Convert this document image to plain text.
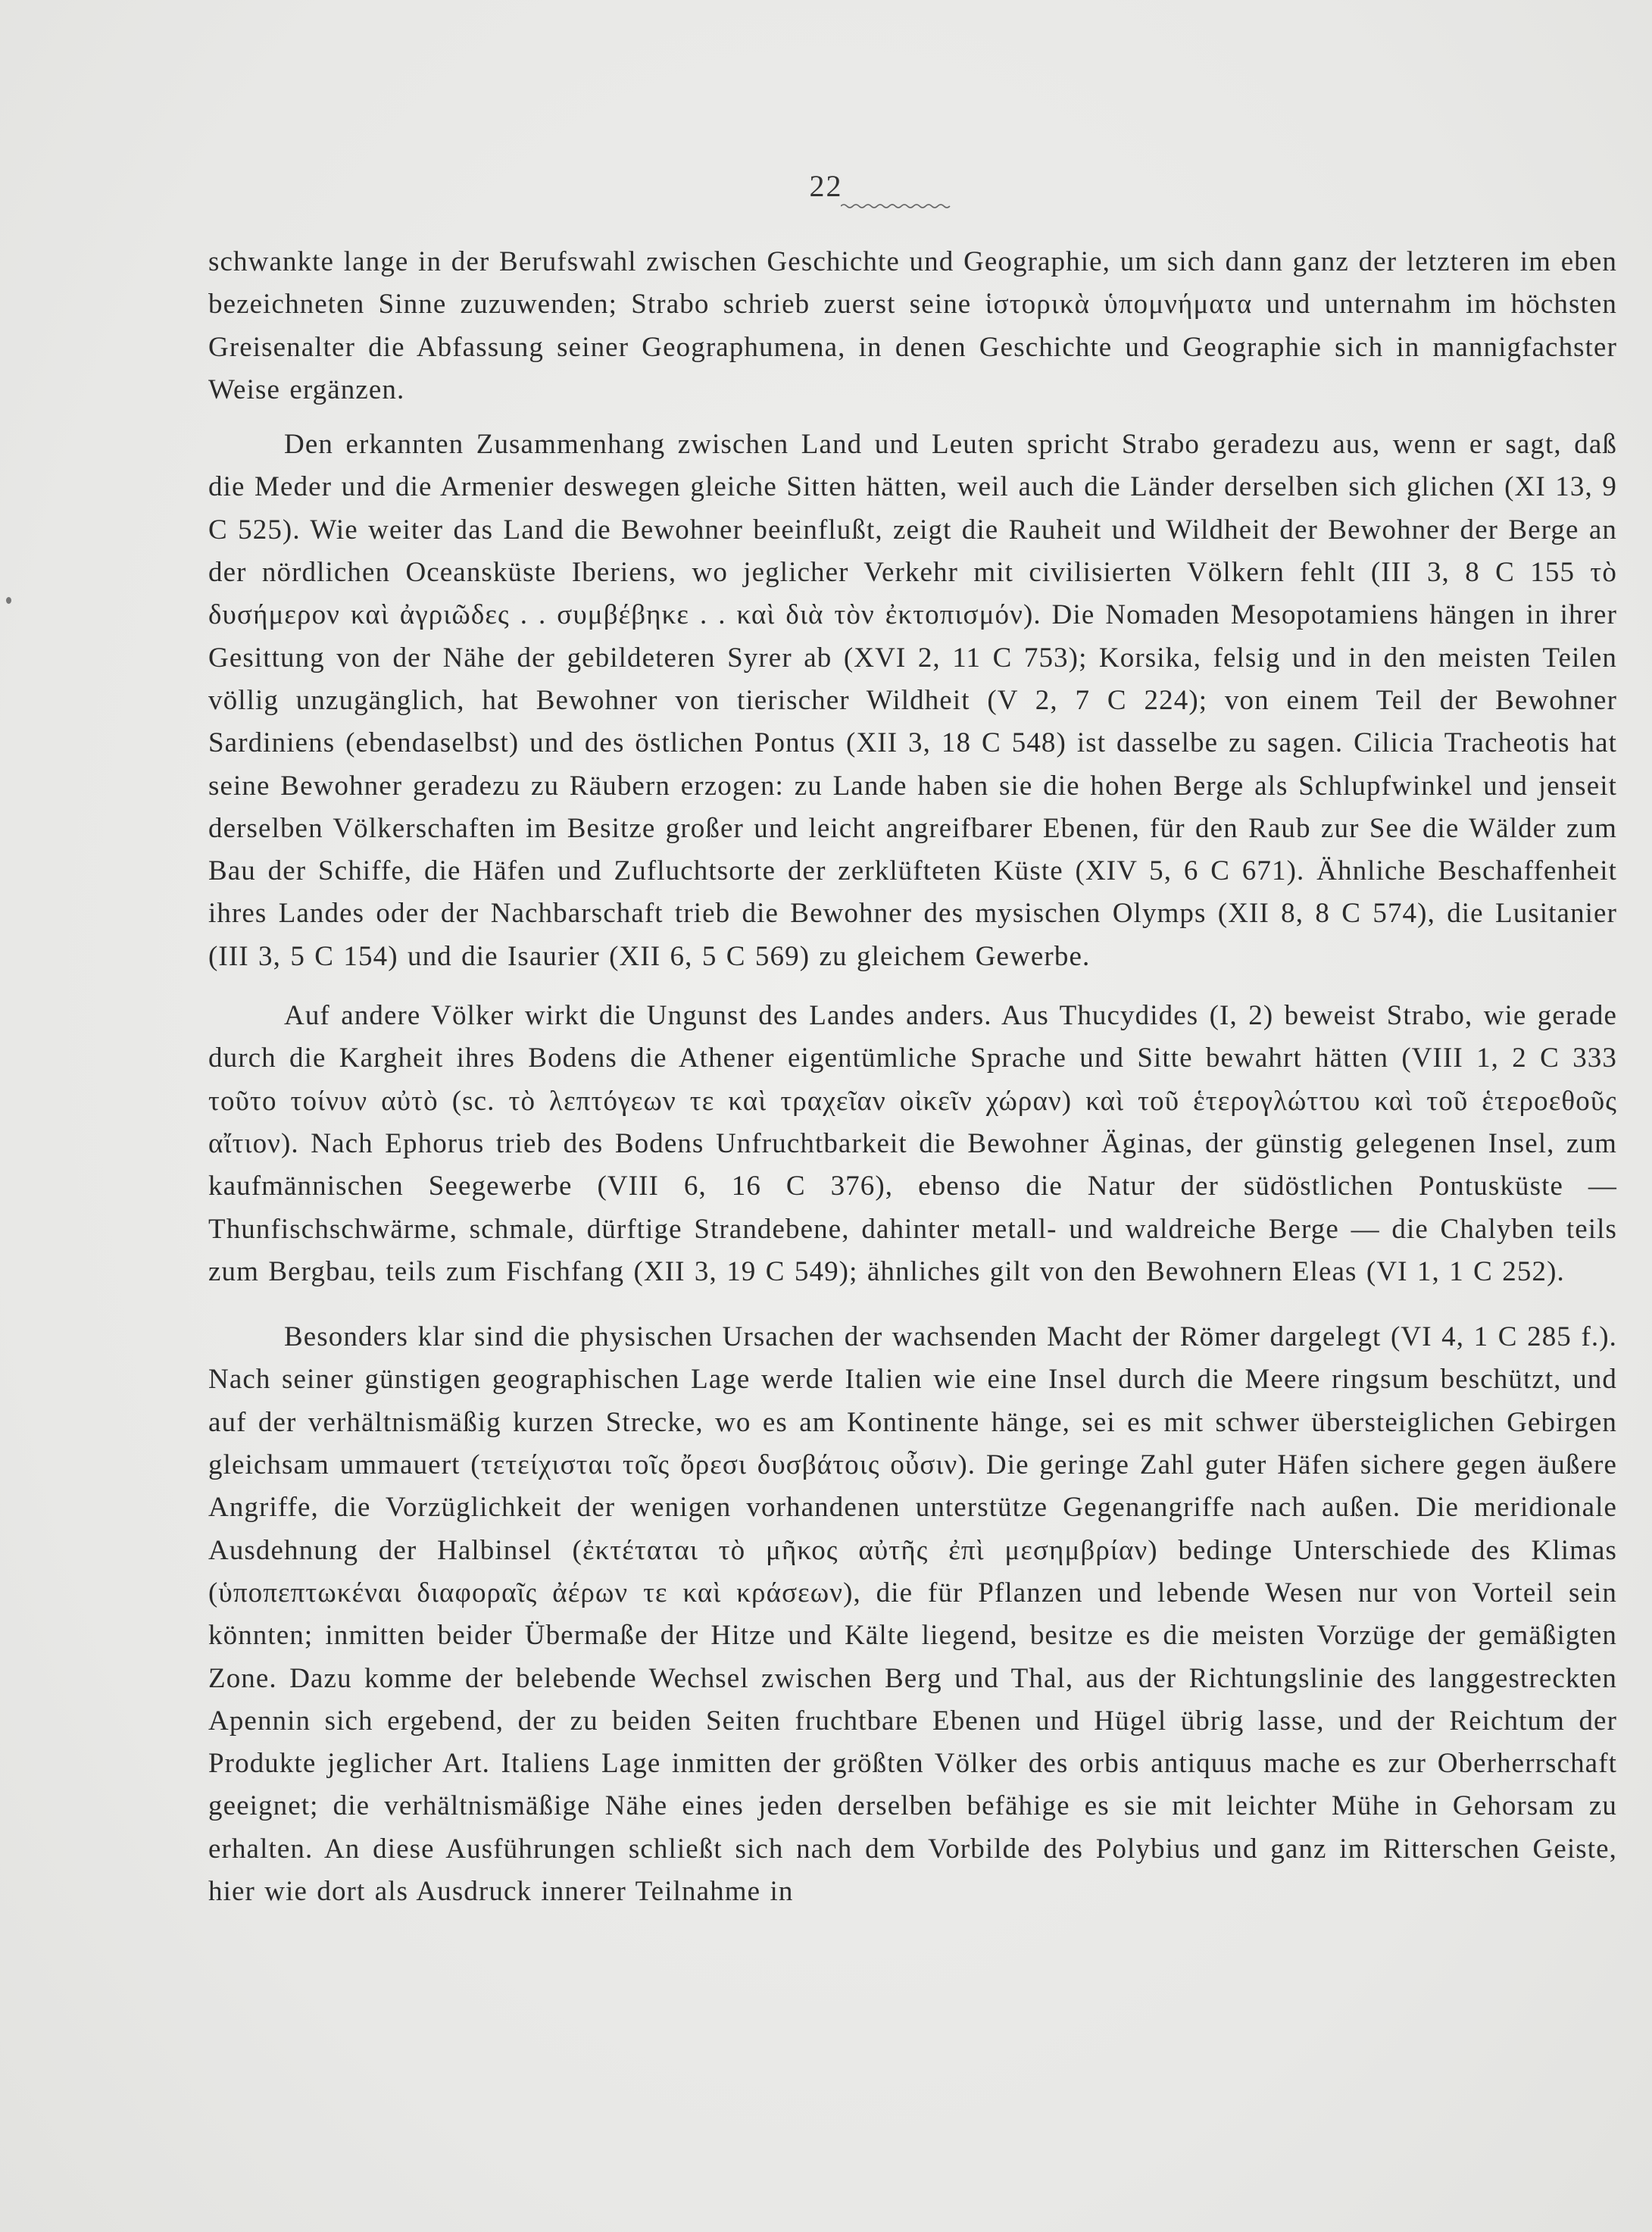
22

schwankte lange in der Berufswahl zwischen Geschichte und Geographie, um sich dann ganz der letzteren im eben bezeichneten Sinne zuzuwenden; Strabo schrieb zuerst seine ἱστορικὰ ὑπομνήματα und unternahm im höchsten Greisenalter die Abfassung seiner Geographumena, in denen Geschichte und Geographie sich in mannigfachster Weise ergänzen.

Den erkannten Zusammenhang zwischen Land und Leuten spricht Strabo geradezu aus, wenn er sagt, daß die Meder und die Armenier deswegen gleiche Sitten hätten, weil auch die Länder derselben sich glichen (XI 13, 9 C 525). Wie weiter das Land die Bewohner beeinflußt, zeigt die Rauheit und Wildheit der Bewohner der Berge an der nördlichen Oceansküste Iberiens, wo jeglicher Verkehr mit civilisierten Völkern fehlt (III 3, 8 C 155 τὸ δυσήμερον καὶ ἀγριῶδες . . συμβέβηκε . . καὶ διὰ τὸν ἐκτοπισμόν). Die Nomaden Mesopotamiens hängen in ihrer Gesittung von der Nähe der gebildeteren Syrer ab (XVI 2, 11 C 753); Korsika, felsig und in den meisten Teilen völlig unzugänglich, hat Bewohner von tierischer Wildheit (V 2, 7 C 224); von einem Teil der Bewohner Sardiniens (ebendaselbst) und des östlichen Pontus (XII 3, 18 C 548) ist dasselbe zu sagen. Cilicia Tracheotis hat seine Bewohner geradezu zu Räubern erzogen: zu Lande haben sie die hohen Berge als Schlupfwinkel und jenseit derselben Völkerschaften im Besitze großer und leicht angreifbarer Ebenen, für den Raub zur See die Wälder zum Bau der Schiffe, die Häfen und Zufluchtsorte der zerklüfteten Küste (XIV 5, 6 C 671). Ähnliche Beschaffenheit ihres Landes oder der Nachbarschaft trieb die Bewohner des mysischen Olymps (XII 8, 8 C 574), die Lusitanier (III 3, 5 C 154) und die Isaurier (XII 6, 5 C 569) zu gleichem Gewerbe.

Auf andere Völker wirkt die Ungunst des Landes anders. Aus Thucydides (I, 2) beweist Strabo, wie gerade durch die Kargheit ihres Bodens die Athener eigentümliche Sprache und Sitte bewahrt hätten (VIII 1, 2 C 333 τοῦτο τοίνυν αὐτὸ (sc. τὸ λεπτόγεων τε καὶ τραχεῖαν οἰκεῖν χώραν) καὶ τοῦ ἑτερογλώττου καὶ τοῦ ἑτεροεθοῦς αἴτιον). Nach Ephorus trieb des Bodens Unfruchtbarkeit die Bewohner Äginas, der günstig gelegenen Insel, zum kaufmännischen Seegewerbe (VIII 6, 16 C 376), ebenso die Natur der südöstlichen Pontusküste — Thunfischschwärme, schmale, dürftige Strandebene, dahinter metall- und waldreiche Berge — die Chalyben teils zum Bergbau, teils zum Fischfang (XII 3, 19 C 549); ähnliches gilt von den Bewohnern Eleas (VI 1, 1 C 252).

Besonders klar sind die physischen Ursachen der wachsenden Macht der Römer dargelegt (VI 4, 1 C 285 f.). Nach seiner günstigen geographischen Lage werde Italien wie eine Insel durch die Meere ringsum beschützt, und auf der verhältnismäßig kurzen Strecke, wo es am Kontinente hänge, sei es mit schwer übersteiglichen Gebirgen gleichsam ummauert (τετείχισται τοῖς ὄρεσι δυσβάτοις οὖσιν). Die geringe Zahl guter Häfen sichere gegen äußere Angriffe, die Vorzüglichkeit der wenigen vorhandenen unterstütze Gegenangriffe nach außen. Die meridionale Ausdehnung der Halbinsel (ἐκτέταται τὸ μῆκος αὐτῆς ἐπὶ μεσημβρίαν) bedinge Unterschiede des Klimas (ὑποπεπτωκέναι διαφοραῖς ἀέρων τε καὶ κράσεων), die für Pflanzen und lebende Wesen nur von Vorteil sein könnten; inmitten beider Übermaße der Hitze und Kälte liegend, besitze es die meisten Vorzüge der gemäßigten Zone. Dazu komme der belebende Wechsel zwischen Berg und Thal, aus der Richtungslinie des langgestreckten Apennin sich ergebend, der zu beiden Seiten fruchtbare Ebenen und Hügel übrig lasse, und der Reichtum der Produkte jeglicher Art. Italiens Lage inmitten der größten Völker des orbis antiquus mache es zur Oberherrschaft geeignet; die verhältnismäßige Nähe eines jeden derselben befähige es sie mit leichter Mühe in Gehorsam zu erhalten. An diese Ausführungen schließt sich nach dem Vorbilde des Polybius und ganz im Ritterschen Geiste, hier wie dort als Ausdruck innerer Teilnahme in
